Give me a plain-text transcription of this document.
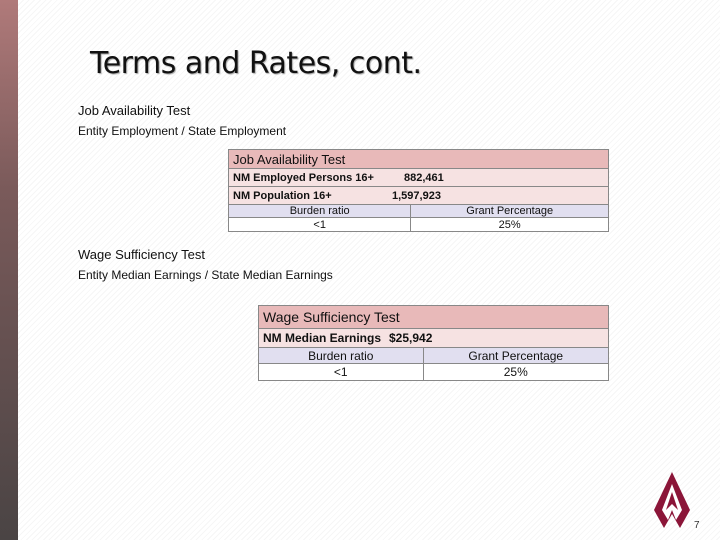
Terms and Rates, cont.
Job Availability Test
Entity Employment / State Employment
Job Availability Test	
NM Employed Persons 16+ 882,461	

NM Population 16+ 1,597,923	

Burden ratio	Grant Percentage
<1	25%
Wage Sufficiency Test
Entity Median Earnings / State Median Earnings
Wage Sufficiency Test	
NM Median Earnings $25,942	

Burden ratio	Grant Percentage
<1	25%
7
